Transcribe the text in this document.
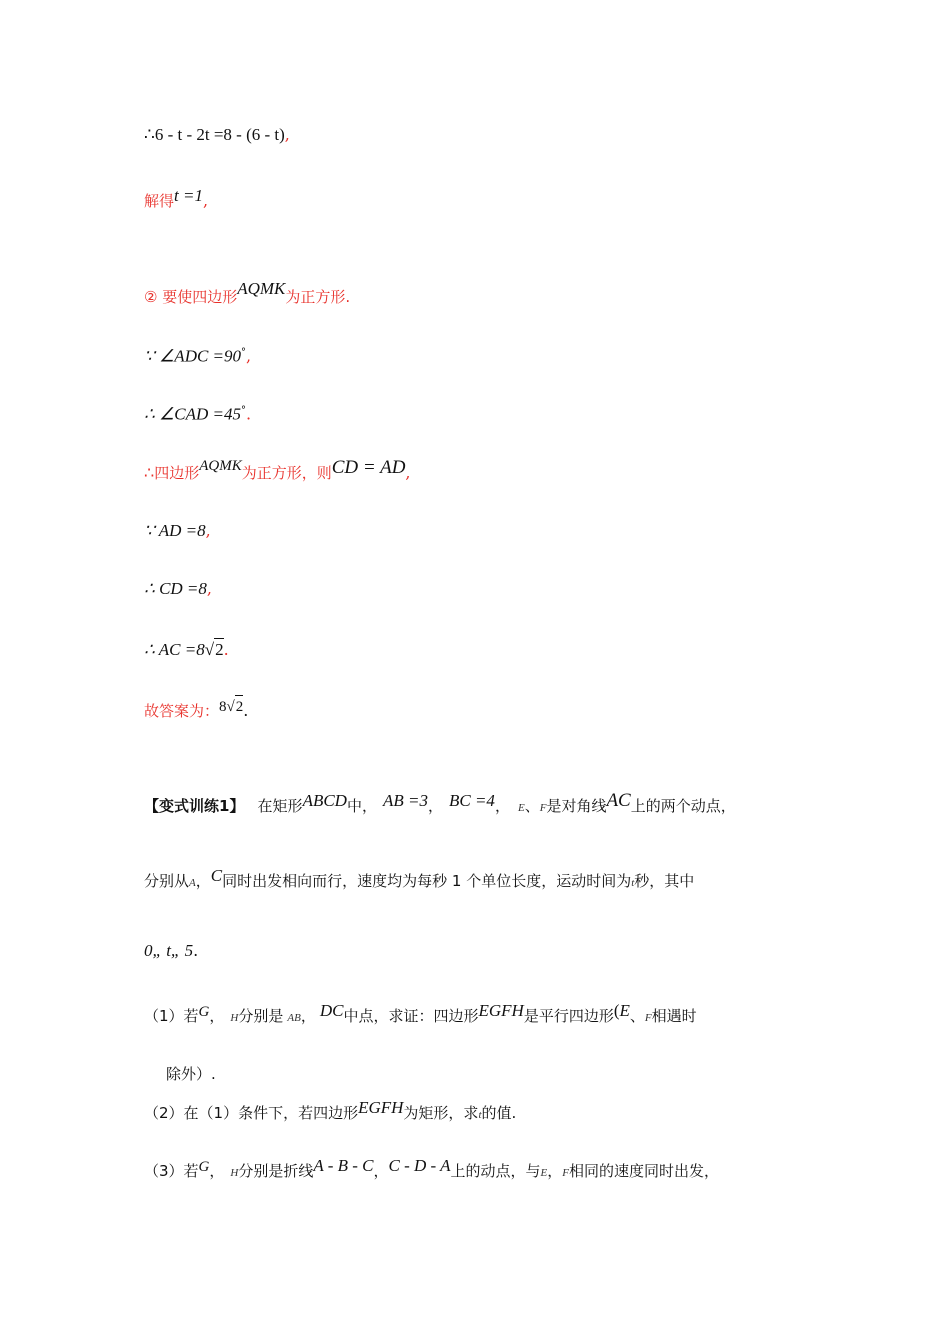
∴6 - t - 2t =8 - (6 - t),
解得t =1,
② 要使四边形AQMK为正方形.
∵ ∠ADC =90°,
∴ ∠CAD =45°.
∴四边形AQMK为正方形，则CD = AD,
∵ AD =8,
∴ CD =8,
∴ AC =8√2.
故答案为：8√2.
【变式训练1】 在矩形ABCD中， AB =3， BC =4， E、F是对角线AC上的两个动点，
分别从A，C同时出发相向而行，速度均为每秒 1 个单位长度，运动时间为t秒，其中
0„ t„ 5.
（1）若G， H分别是 AB， DC中点，求证：四边形EGFH是平行四边形(E、F相遇时
除外）.
（2）在（1）条件下，若四边形EGFH为矩形，求t的值.
（3）若G， H分别是折线A - B - C，C - D - A上的动点，与E，F相同的速度同时出发，
